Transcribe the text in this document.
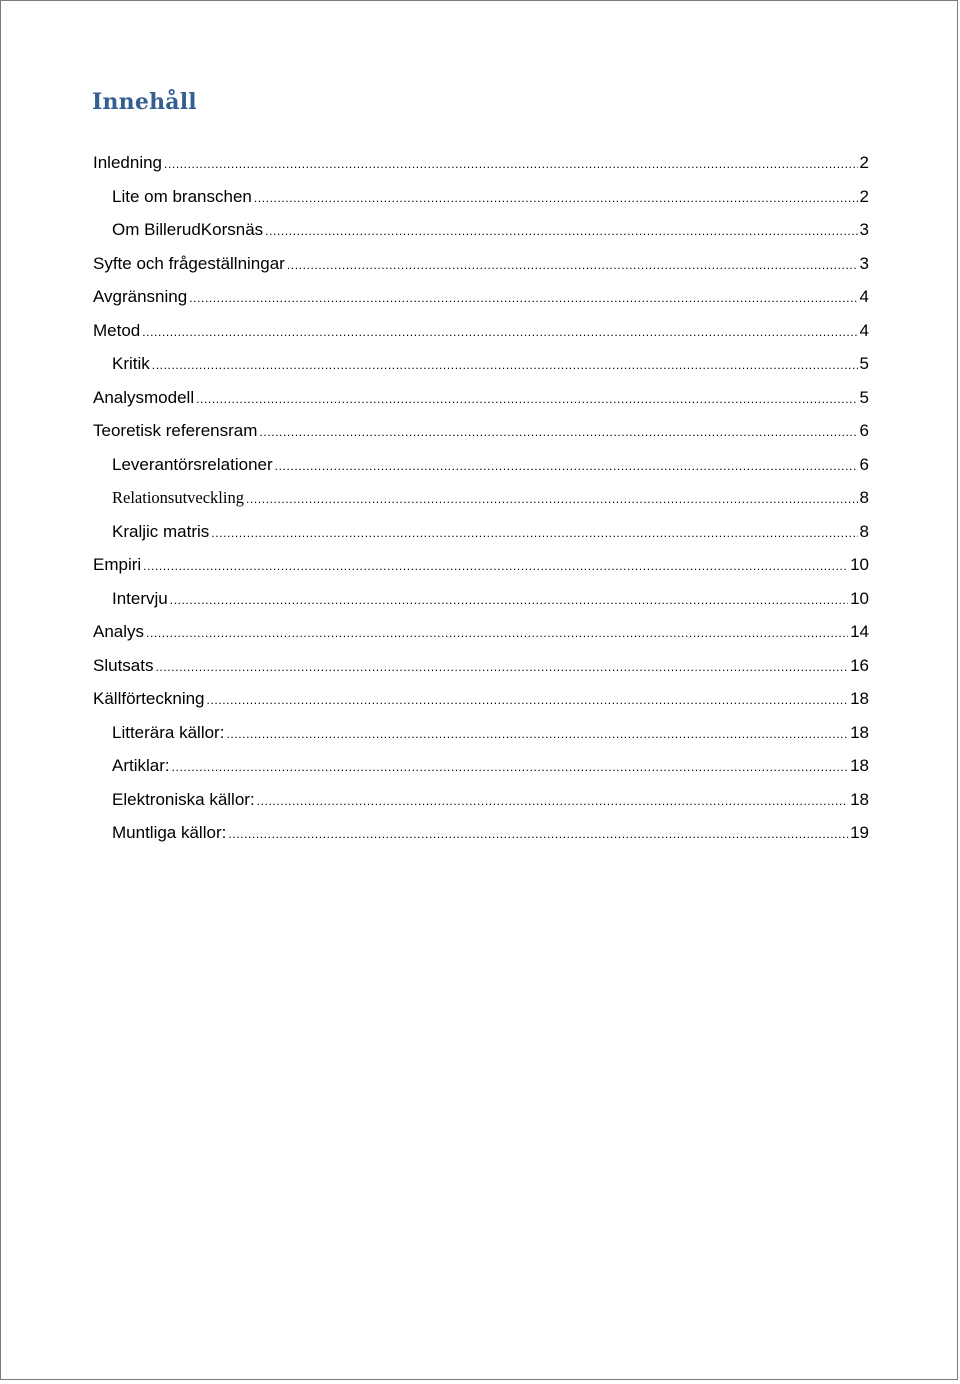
Innehåll
Inledning .....	2
Lite om branschen .....	2
Om BillerudKorsnäs .....	3
Syfte och frågeställningar .....	3
Avgränsning .....	4
Metod .....	4
Kritik .....	5
Analysmodell .....	5
Teoretisk referensram .....	6
Leverantörsrelationer .....	6
Relationsutveckling .....	8
Kraljic matris .....	8
Empiri .....	10
Intervju .....	10
Analys .....	14
Slutsats .....	16
Källförteckning .....	18
Litterära källor: .....	18
Artiklar: .....	18
Elektroniska källor: .....	18
Muntliga källor: .....	19
